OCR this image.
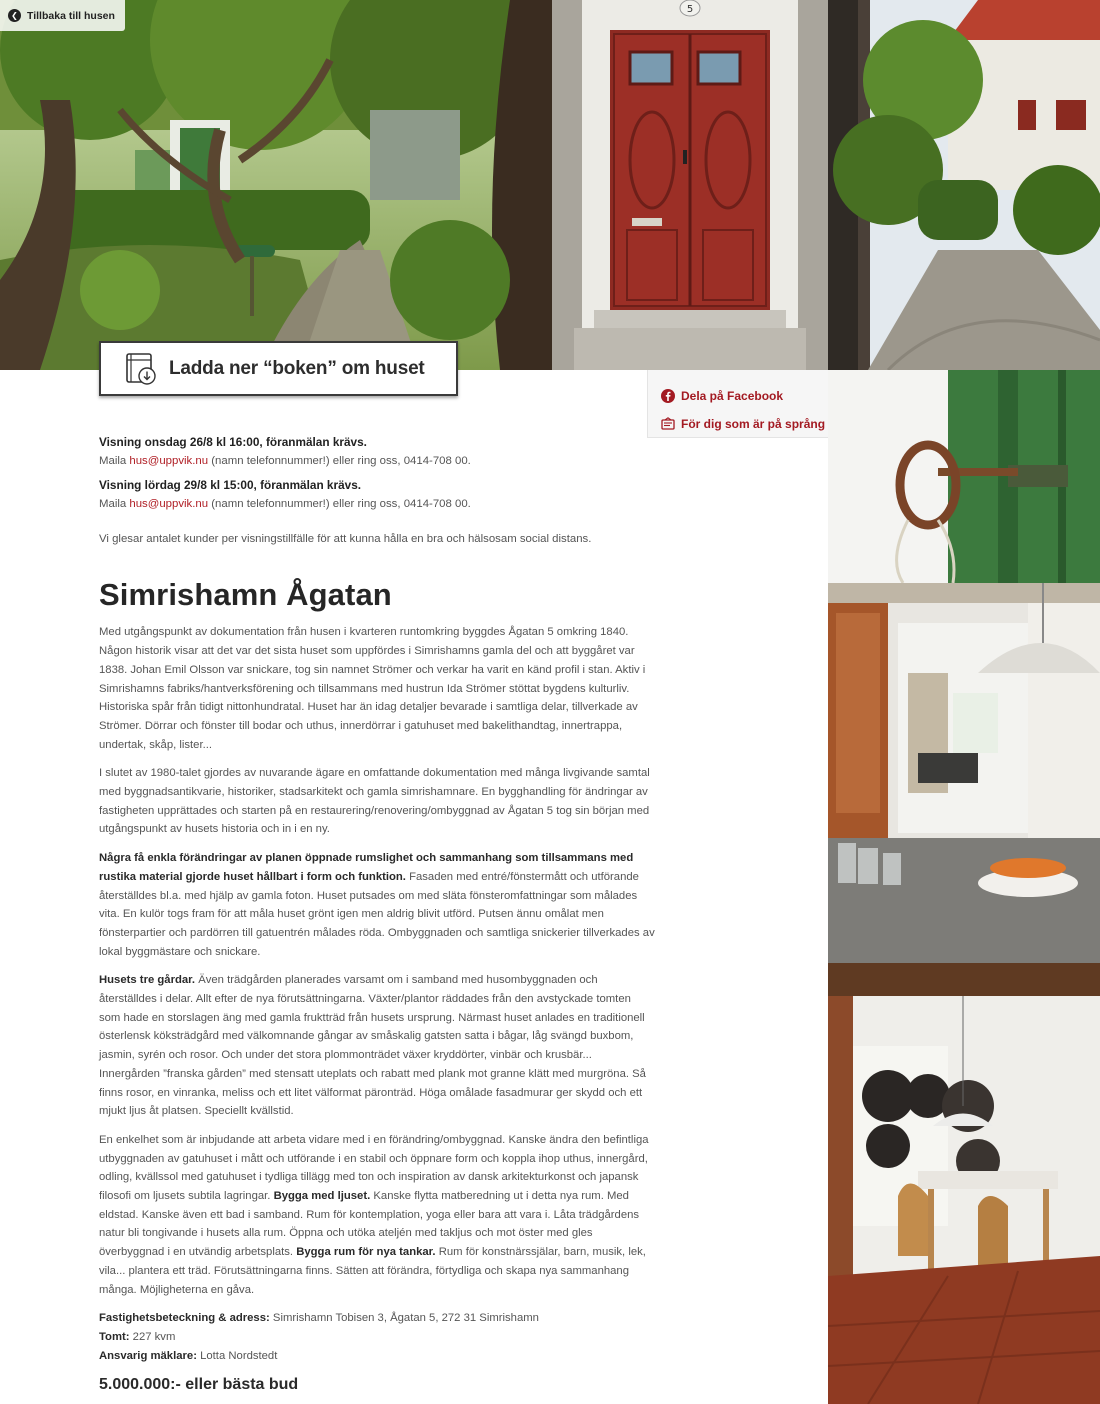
5
❮ Tillbaka till husen
Ladda ner “boken” om huset
Dela på Facebook
För dig som är på språng
Visning onsdag 26/8 kl 16:00, föranmälan krävs.
Maila hus@uppvik.nu (namn telefonnummer!) eller ring oss, 0414-708 00.
Visning lördag 29/8 kl 15:00, föranmälan krävs.
Maila hus@uppvik.nu (namn telefonnummer!) eller ring oss, 0414-708 00.
Vi glesar antalet kunder per visningstillfälle för att kunna hålla en bra och hälsosam social distans.
Simrishamn Ågatan

Med utgångspunkt av dokumentation från husen i kvarteren runtomkring byggdes Ågatan 5 omkring 1840. Någon historik visar att det var det sista huset som uppfördes i Simrishamns gamla del och att byggåret var 1838. Johan Emil Olsson var snickare, tog sin namnet Strömer och verkar ha varit en känd profil i stan. Aktiv i Simrishamns fabriks/hantverksförening och tillsammans med hustrun Ida Strömer stöttat bygdens kulturliv. Historiska spår från tidigt nittonhundratal. Huset har än idag detaljer bevarade i samtliga delar, tillverkade av Strömer. Dörrar och fönster till bodar och uthus, innerdörrar i gatuhuset med bakelithandtag, innertrappa, undertak, skåp, lister...

I slutet av 1980-talet gjordes av nuvarande ägare en omfattande dokumentation med många livgivande samtal med byggnadsantikvarie, historiker, stadsarkitekt och gamla simrishamnare. En bygghandling för ändringar av fastigheten upprättades och starten på en restaurering/renovering/ombyggnad av Ågatan 5 tog sin början med utgångspunkt av husets historia och in i en ny.

Några få enkla förändringar av planen öppnade rumslighet och sammanhang som tillsammans med rustika material gjorde huset hållbart i form och funktion. Fasaden med entré/fönstermått och utförande återställdes bl.a. med hjälp av gamla foton. Huset putsades om med släta fönsteromfattningar som målades vita. En kulör togs fram för att måla huset grönt igen men aldrig blivit utförd. Putsen ännu omålat men fönsterpartier och pardörren till gatuentrén målades röda. Ombyggnaden och samtliga snickerier tillverkades av lokal byggmästare och snickare.

Husets tre gårdar. Även trädgården planerades varsamt om i samband med husombyggnaden och återställdes i delar. Allt efter de nya förutsättningarna. Växter/plantor räddades från den avstyckade tomten som hade en storslagen äng med gamla fruktträd från husets ursprung. Närmast huset anlades en traditionell österlensk köksträdgård med välkomnande gångar av småskalig gatsten satta i bågar, låg svängd buxbom, jasmin, syrén och rosor. Och under det stora plommonträdet växer kryddörter, vinbär och krusbär... Innergården ”franska gården” med stensatt uteplats och rabatt med plank mot granne klätt med murgröna. Så finns rosor, en vinranka, meliss och ett litet välformat päronträd. Höga omålade fasadmurar ger skydd och ett mjukt ljus åt platsen. Speciellt kvällstid.

En enkelhet som är inbjudande att arbeta vidare med i en förändring/ombyggnad. Kanske ändra den befintliga utbyggnaden av gatuhuset i mått och utförande i en stabil och öppnare form och koppla ihop uthus, innergård, odling, kvällssol med gatuhuset i tydliga tillägg med ton och inspiration av dansk arkitekturkonst och japansk filosofi om ljusets subtila lagringar. Bygga med ljuset. Kanske flytta matberedning ut i detta nya rum. Med eldstad. Kanske även ett bad i samband. Rum för kontemplation, yoga eller bara att vara i. Låta trädgårdens natur bli tongivande i husets alla rum. Öppna och utöka ateljén med takljus och mot öster med gles överbyggnad i en utvändig arbetsplats. Bygga rum för nya tankar. Rum för konstnärssjälar, barn, musik, lek, vila... plantera ett träd. Förutsättningarna finns. Sätten att förändra, förtydliga och skapa nya sammanhang många. Möjligheterna en gåva.

Fastighetsbeteckning & adress: Simrishamn Tobisen 3, Ågatan 5, 272 31 Simrishamn
Tomt: 227 kvm
Ansvarig mäklare: Lotta Nordstedt
5.000.000:- eller bästa bud
